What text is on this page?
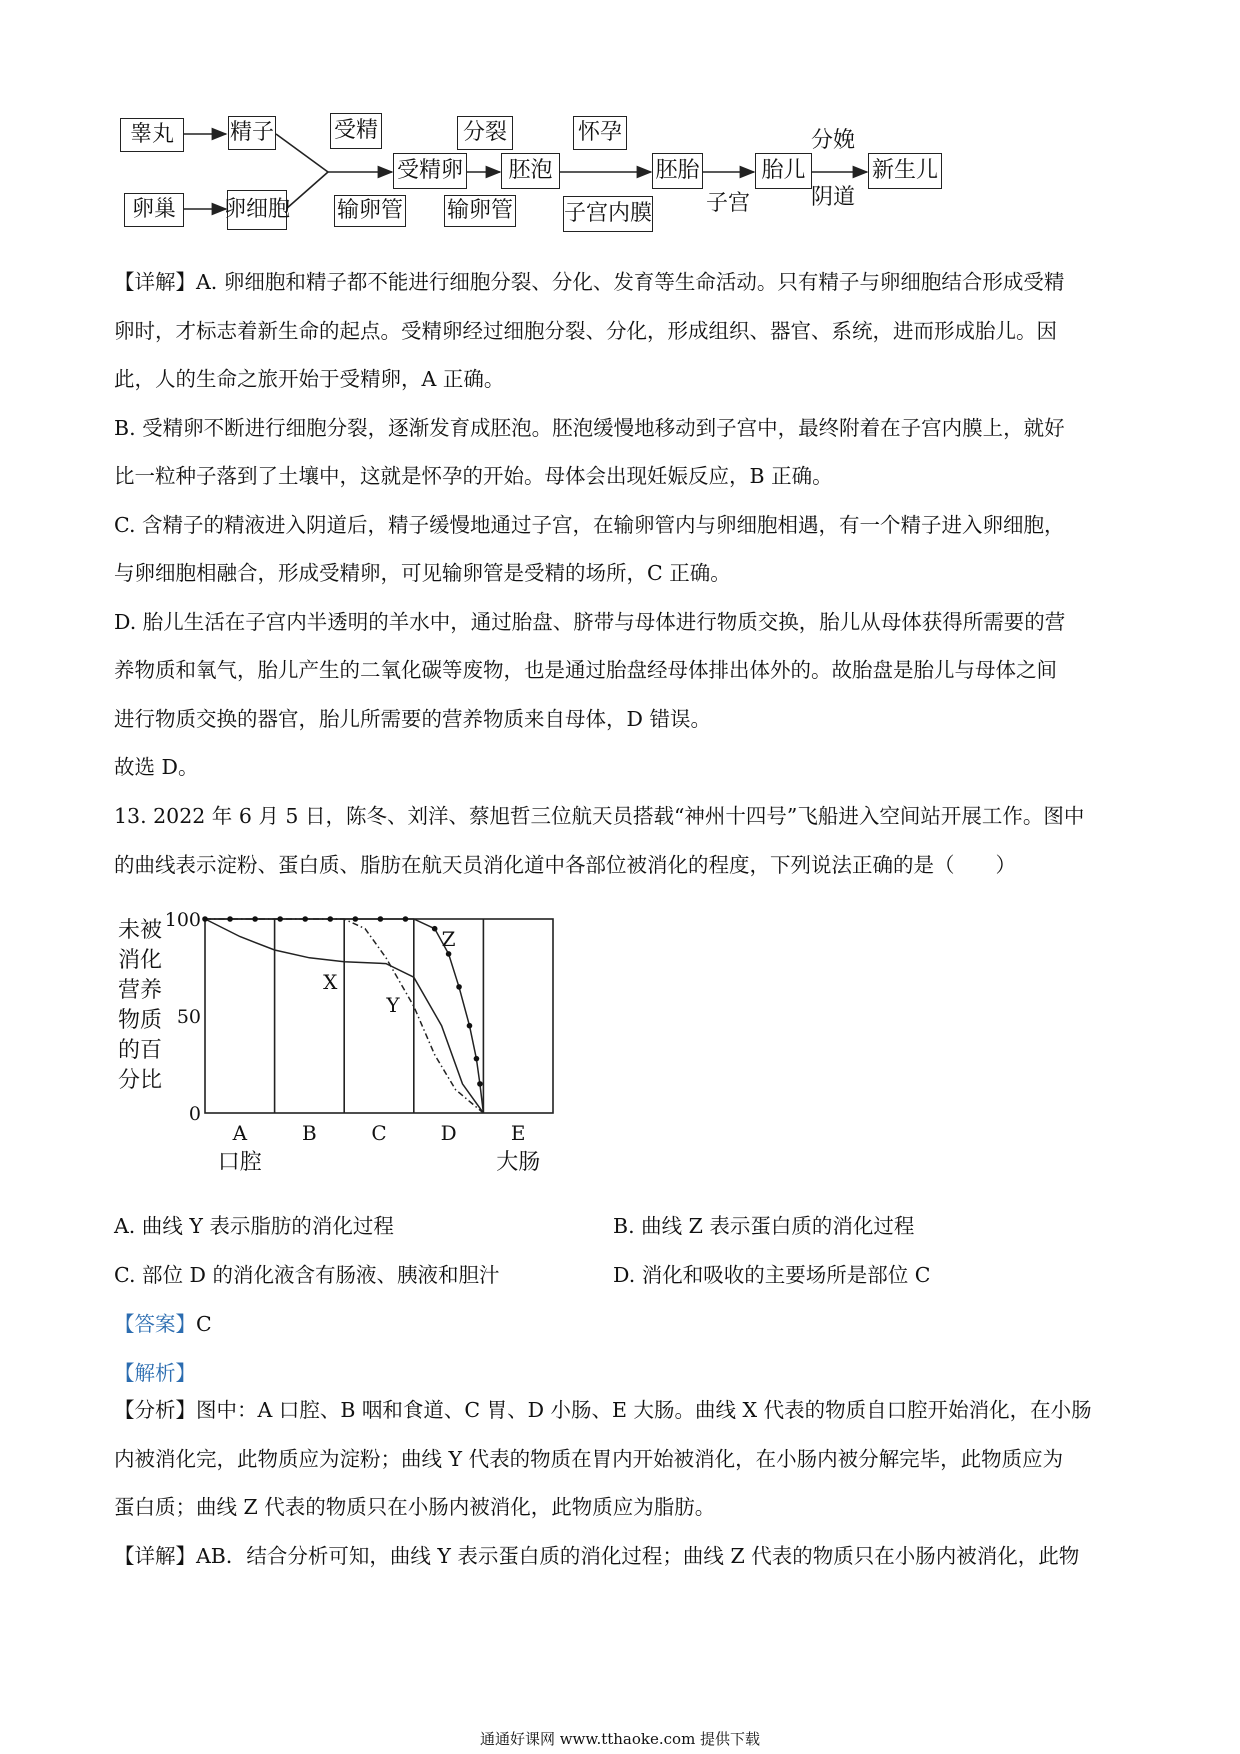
睾丸	精子
卵巢	卵细胞
受精
受精卵
输卵管
分裂
胚泡
输卵管
怀孕
子宫内膜
胚胎	胎儿	新生儿
子宫
分娩
阴道
【详解】A. 卵细胞和精子都不能进行细胞分裂、分化、发育等生命活动。只有精子与卵细胞结合形成受精
卵时，才标志着新生命的起点。受精卵经过细胞分裂、分化，形成组织、器官、系统，进而形成胎儿。因
此，人的生命之旅开始于受精卵，A 正确。
B. 受精卵不断进行细胞分裂，逐渐发育成胚泡。胚泡缓慢地移动到子宫中，最终附着在子宫内膜上，就好
比一粒种子落到了土壤中，这就是怀孕的开始。母体会出现妊娠反应，B 正确。
C. 含精子的精液进入阴道后，精子缓慢地通过子宫，在输卵管内与卵细胞相遇，有一个精子进入卵细胞，
与卵细胞相融合，形成受精卵，可见输卵管是受精的场所，C 正确。
D. 胎儿生活在子宫内半透明的羊水中，通过胎盘、脐带与母体进行物质交换，胎儿从母体获得所需要的营
养物质和氧气，胎儿产生的二氧化碳等废物，也是通过胎盘经母体排出体外的。故胎盘是胎儿与母体之间
进行物质交换的器官，胎儿所需要的营养物质来自母体，D 错误。
故选 D。
13. 2022 年 6 月 5 日，陈冬、刘洋、蔡旭哲三位航天员搭载“神州十四号”飞船进入空间站开展工作。图中
的曲线表示淀粉、蛋白质、脂肪在航天员消化道中各部位被消化的程度，下列说法正确的是（　　）
未被
消化
营养
物质
的百
分比
100
50
0
A
口腔
B	C	D	E
大肠
X
Y
Z
A. 曲线 Y 表示脂肪的消化过程	B. 曲线 Z 表示蛋白质的消化过程
C. 部位 D 的消化液含有肠液、胰液和胆汁	D. 消化和吸收的主要场所是部位 C
【答案】C
【解析】
【分析】图中：A 口腔、B 咽和食道、C 胃、D 小肠、E 大肠。曲线 X 代表的物质自口腔开始消化，在小肠
内被消化完，此物质应为淀粉；曲线 Y 代表的物质在胃内开始被消化，在小肠内被分解完毕，此物质应为
蛋白质；曲线 Z 代表的物质只在小肠内被消化，此物质应为脂肪。
【详解】AB．结合分析可知，曲线 Y 表示蛋白质的消化过程；曲线 Z 代表的物质只在小肠内被消化，此物
通通好课网 www.tthaoke.com 提供下载
